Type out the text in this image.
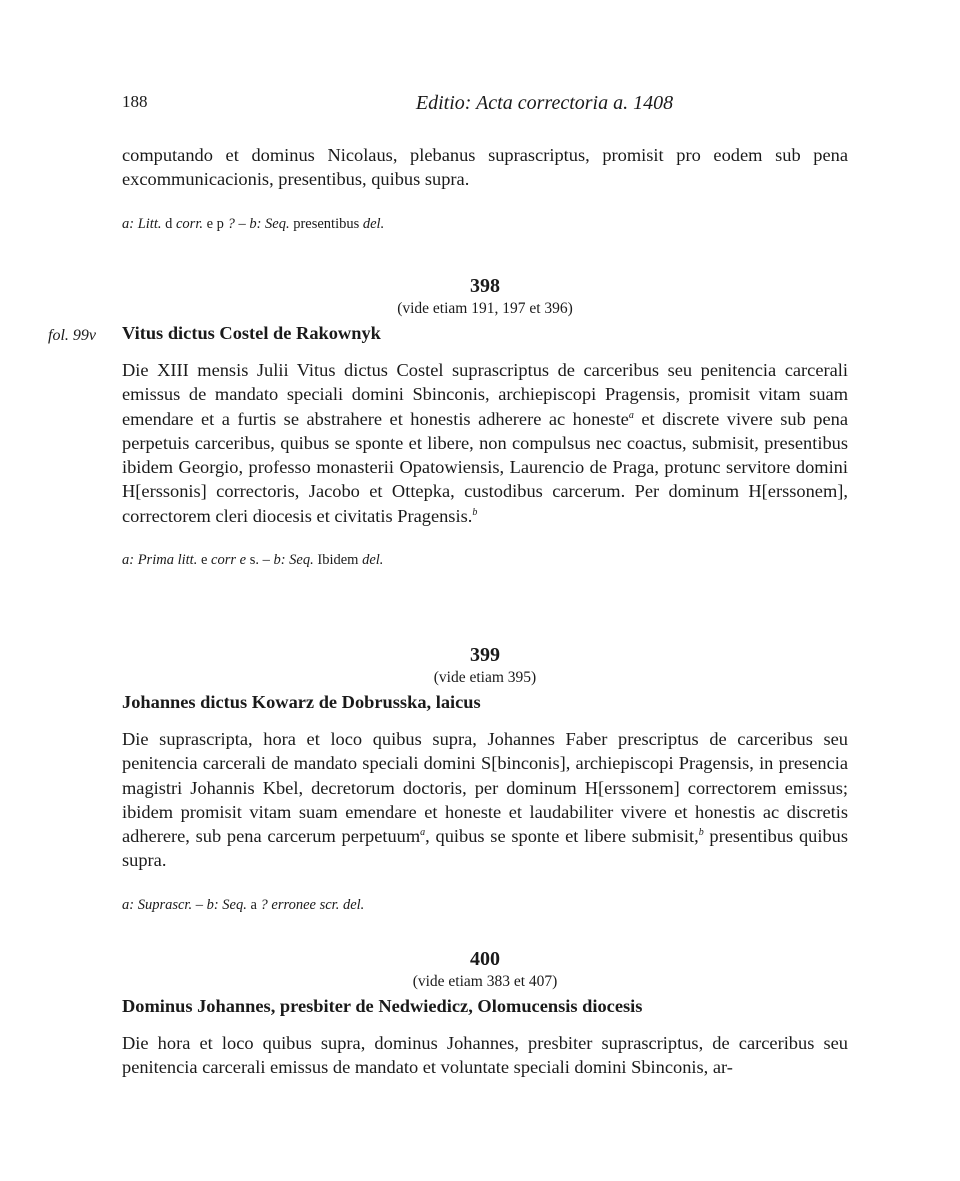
188	Editio: Acta correctoria a. 1408

computando et dominus Nicolaus, plebanus suprascriptus, promisit pro eodem sub pena excommunicacionis, presentibus, quibus supra.

a: Litt. d corr. e p ? – b: Seq. presentibus del.

fol. 99v

398

(vide etiam 191, 197 et 396)

Vitus dictus Costel de Rakownyk

Die XIII mensis Julii Vitus dictus Costel suprascriptus de carceribus seu penitencia carcerali emissus de mandato speciali domini Sbinconis, archiepiscopi Pragensis, promisit vitam suam emendare et a furtis se abstrahere et honestis adherere ac honeste$^a$ et discrete vivere sub pena perpetuis carceribus, quibus se sponte et libere, non compulsus nec coactus, submisit, presentibus ibidem Georgio, professo monasterii Opatowiensis, Laurencio de Praga, protunc servitore domini H[erssonis] correctoris, Jacobo et Ottepka, custodibus carcerum. Per dominum H[erssonem], correctorem cleri diocesis et civitatis Pragensis.$^b$

a: Prima litt. e corr e s. – b: Seq. Ibidem del.

399

(vide etiam 395)

Johannes dictus Kowarz de Dobrusska, laicus

Die suprascripta, hora et loco quibus supra, Johannes Faber prescriptus de carceribus seu penitencia carcerali de mandato speciali domini S[binconis], archiepiscopi Pragensis, in presencia magistri Johannis Kbel, decretorum doctoris, per dominum H[erssonem] correctorem emissus; ibidem promisit vitam suam emendare et honeste et laudabiliter vivere et honestis ac discretis adherere, sub pena carcerum perpetuum$^a$, quibus se sponte et libere submisit,$^b$ presentibus quibus supra.

a: Suprascr. – b: Seq. a ? erronee scr. del.

400

(vide etiam 383 et 407)

Dominus Johannes, presbiter de Nedwiedicz, Olomucensis diocesis

Die hora et loco quibus supra, dominus Johannes, presbiter suprascriptus, de carceribus seu penitencia carcerali emissus de mandato et voluntate speciali domini Sbinconis, ar-
